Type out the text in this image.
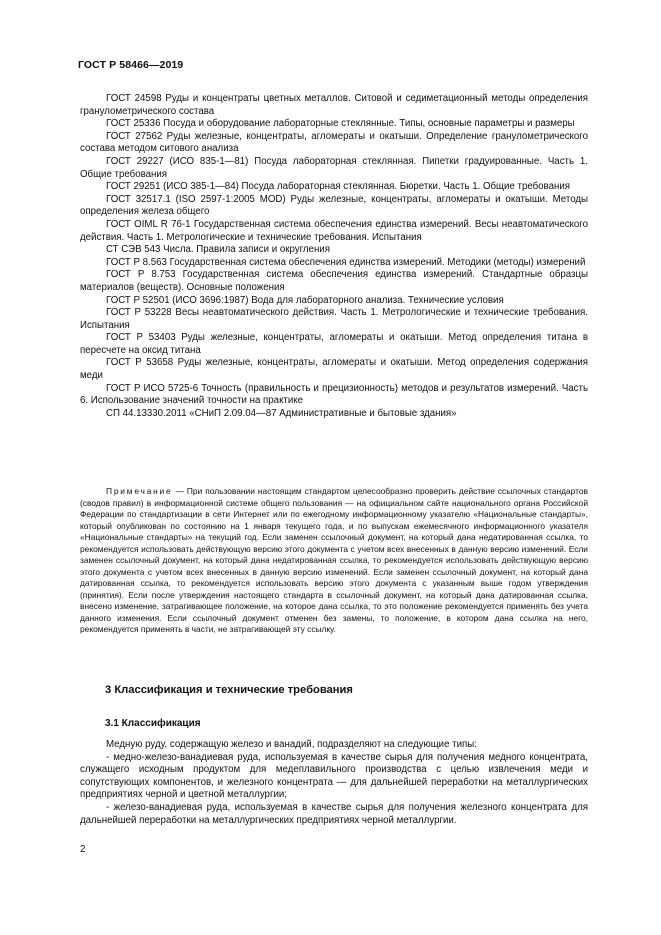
ГОСТ Р 58466—2019

ГОСТ 24598 Руды и концентраты цветных металлов. Ситовой и седиметационный методы определения гранулометрического состава

ГОСТ 25336 Посуда и оборудование лабораторные стеклянные. Типы, основные параметры и размеры

ГОСТ 27562 Руды железные, концентраты, агломераты и окатыши. Определение гранулометрического состава методом ситового анализа

ГОСТ 29227 (ИСО 835-1—81) Посуда лабораторная стеклянная. Пипетки градуированные. Часть 1. Общие требования

ГОСТ 29251 (ИСО 385-1—84) Посуда лабораторная стеклянная. Бюретки. Часть 1. Общие требования

ГОСТ 32517.1 (ISO 2597-1:2005 MOD) Руды железные, концентраты, агломераты и окатыши. Методы определения железа общего

ГОСТ OIML R 76-1 Государственная система обеспечения единства измерений. Весы неавтоматического действия. Часть 1. Метрологические и технические требования. Испытания

СТ СЭВ 543 Числа. Правила записи и округления

ГОСТ Р 8.563 Государственная система обеспечения единства измерений. Методики (методы) измерений

ГОСТ Р 8.753 Государственная система обеспечения единства измерений. Стандартные образцы материалов (веществ). Основные положения

ГОСТ Р 52501 (ИСО 3696:1987) Вода для лабораторного анализа. Технические условия

ГОСТ Р 53228 Весы неавтоматического действия. Часть 1. Метрологические и технические требования. Испытания

ГОСТ Р 53403 Руды железные, концентраты, агломераты и окатыши. Метод определения титана в пересчете на оксид титана

ГОСТ Р 53658 Руды железные, концентраты, агломераты и окатыши. Метод определения содержания меди

ГОСТ Р ИСО 5725-6 Точность (правильность и прецизионность) методов и результатов измерений. Часть 6. Использование значений точности на практике

СП 44.13330.2011 «СНиП 2.09.04—87 Административные и бытовые здания»

Примечание — При пользовании настоящим стандартом целесообразно проверить действие ссылочных стандартов (сводов правил) в информационной системе общего пользования — на официальном сайте национального органа Российской Федерации по стандартизации в сети Интернет или по ежегодному информационному указателю «Национальные стандарты», который опубликован по состоянию на 1 января текущего года, и по выпускам ежемесячного информационного указателя «Национальные стандарты» на текущий год. Если заменен ссылочный документ, на который дана недатированная ссылка, то рекомендуется использовать действующую версию этого документа с учетом всех внесенных в данную версию изменений. Если заменен ссылочный документ, на который дана недатированная ссылка, то рекомендуется использовать действующую версию этого документа с учетом всех внесенных в данную версию изменений. Если заменен ссылочный документ, на который дана датированная ссылка, то рекомендуется использовать версию этого документа с указанным выше годом утверждения (принятия). Если после утверждения настоящего стандарта в ссылочный документ, на который дана датированная ссылка, внесено изменение, затрагивающее положение, на которое дана ссылка, то это положение рекомендуется применять без учета данного изменения. Если ссылочный документ отменен без замены, то положение, в котором дана ссылка на него, рекомендуется применять в части, не затрагивающей эту ссылку.

3 Классификация и технические требования
3.1 Классификация

Медную руду, содержащую железо и ванадий, подразделяют на следующие типы:

- медно-железо-ванадиевая руда, используемая в качестве сырья для получения медного концентрата, служащего исходным продуктом для медеплавильного производства с целью извлечения меди и сопутствующих компонентов, и железного концентрата — для дальнейшей переработки на металлургических предприятиях черной и цветной металлургии;

- железо-ванадиевая руда, используемая в качестве сырья для получения железного концентрата для дальнейшей переработки на металлургических предприятиях черной металлургии.

2
